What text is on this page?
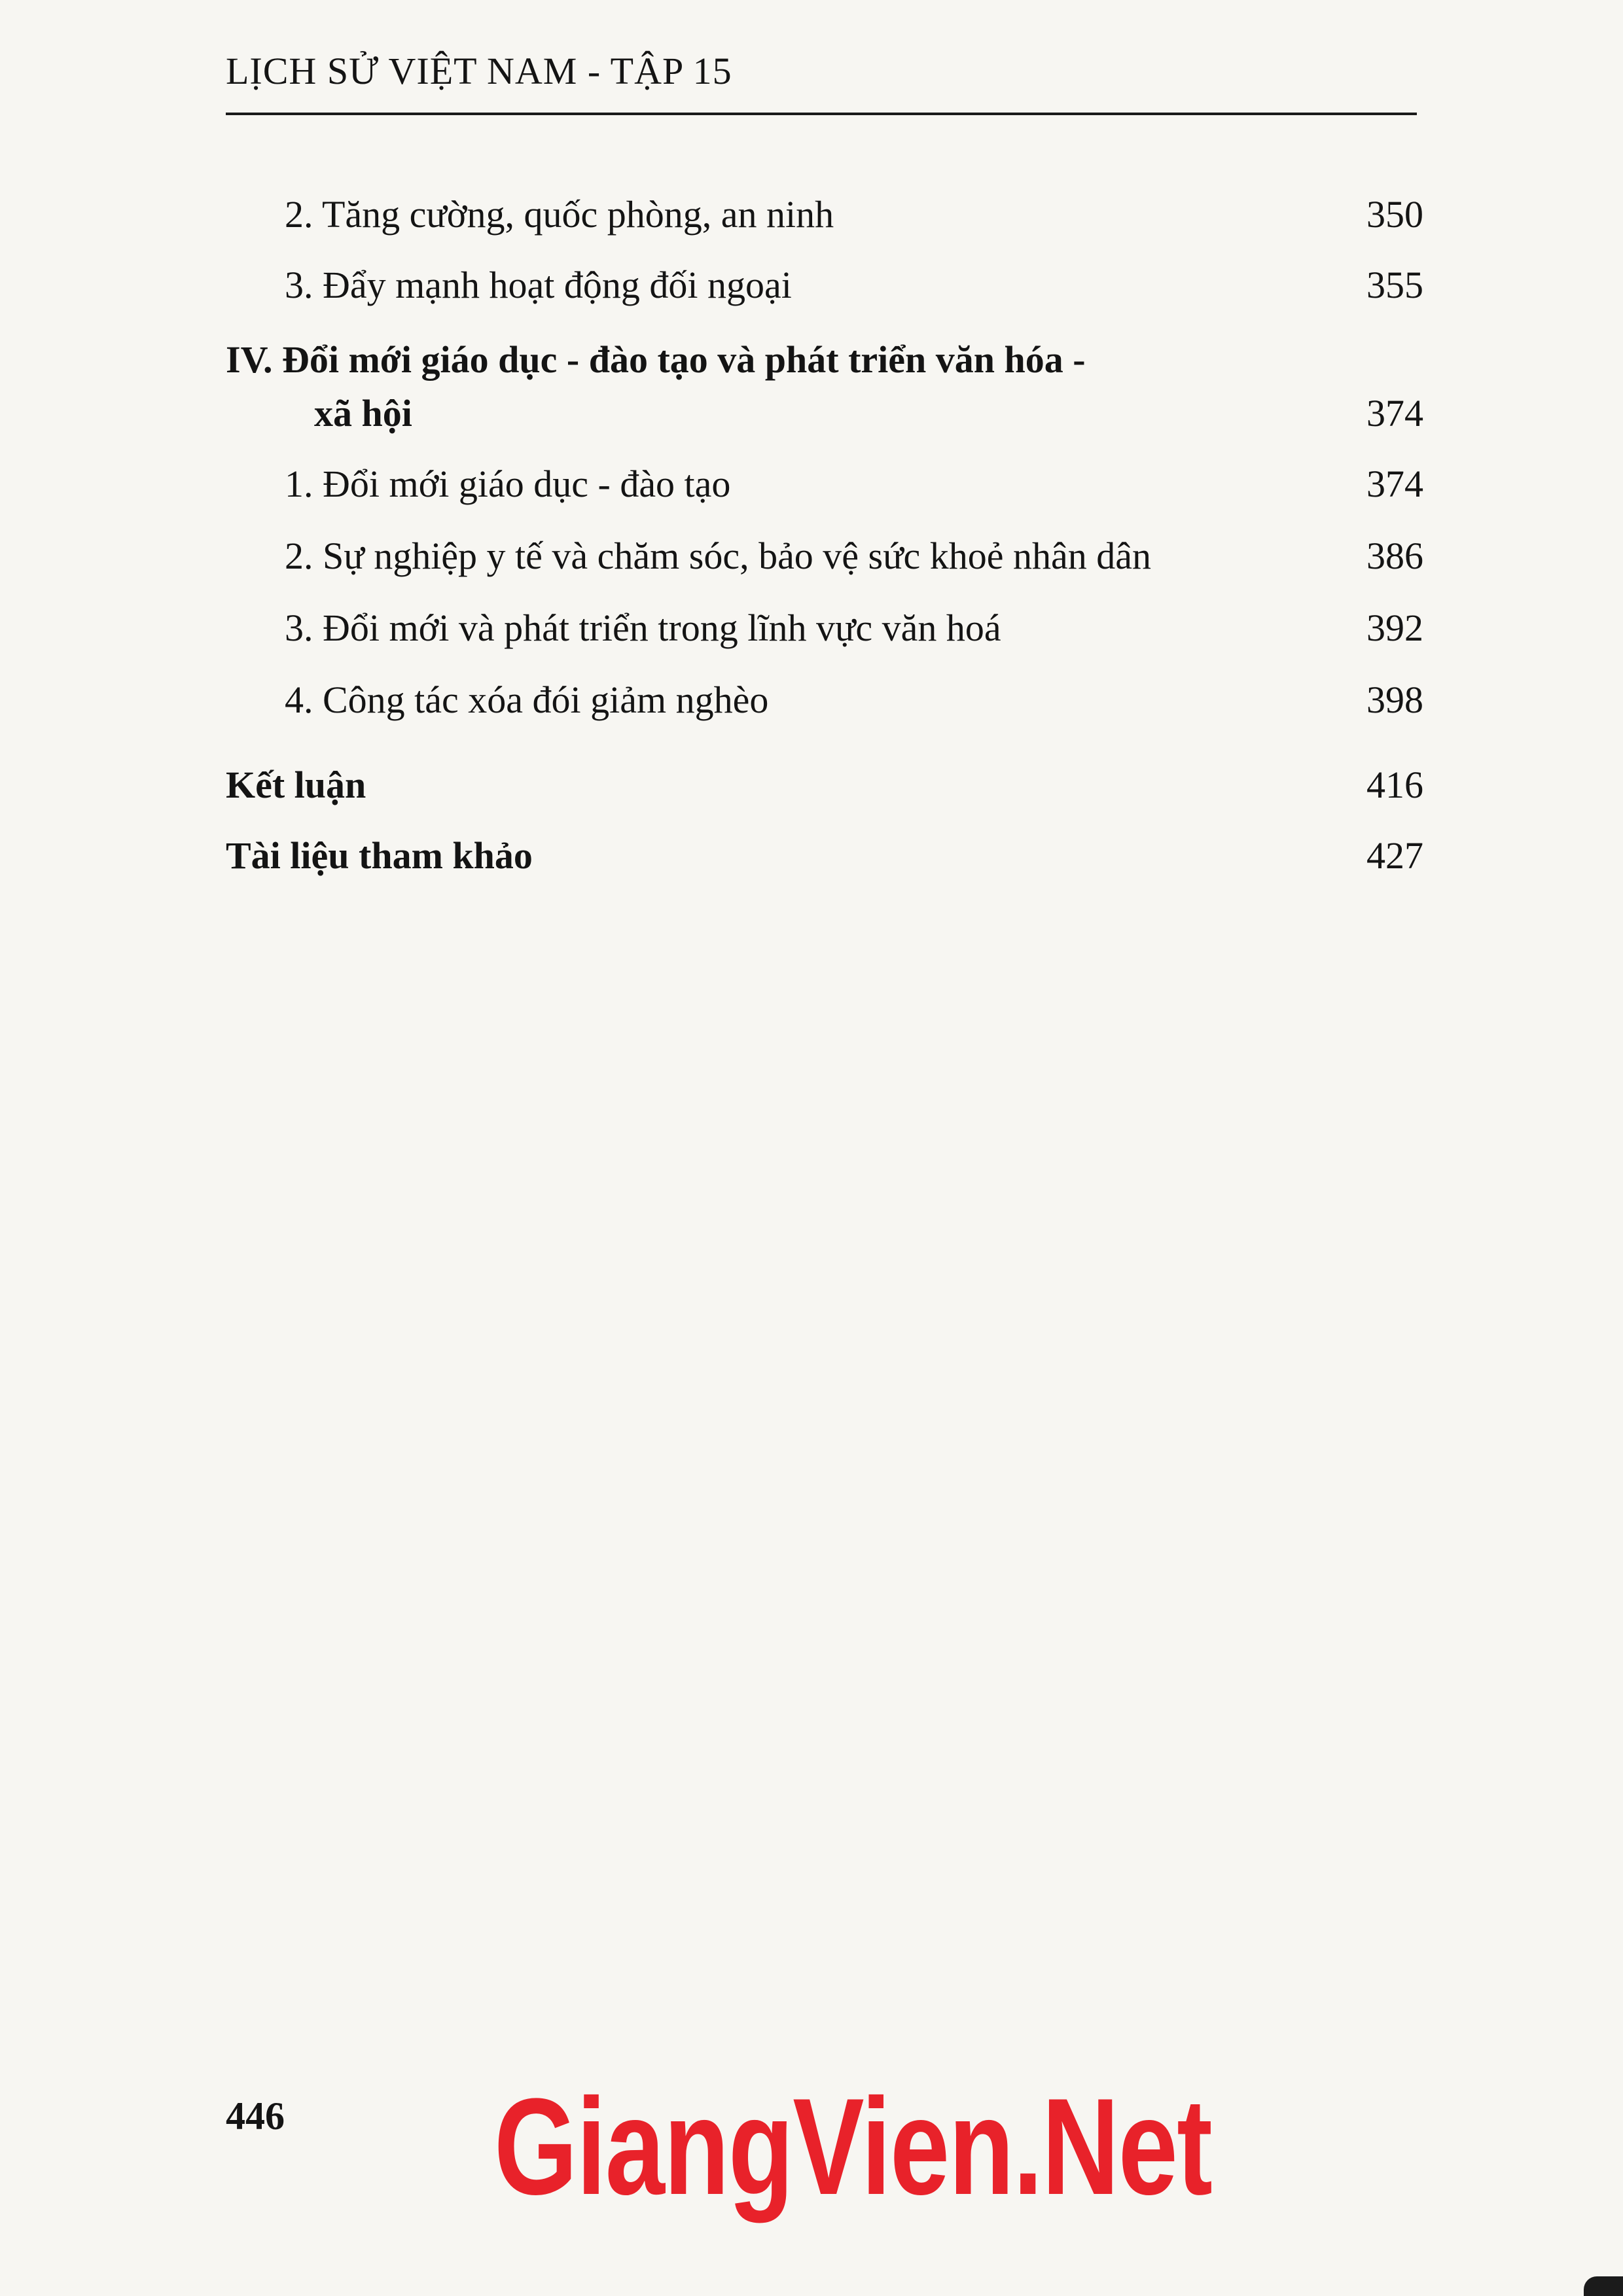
LỊCH SỬ VIỆT NAM - TẬP 15
2. Tăng cường, quốc phòng, an ninh	350
3. Đẩy mạnh hoạt động đối ngoại	355
IV. Đổi mới giáo dục - đào tạo và phát triển văn hóa -
xã hội	374
1. Đổi mới giáo dục - đào tạo	374
2. Sự nghiệp y tế và chăm sóc, bảo vệ sức khoẻ nhân dân	386
3. Đổi mới và phát triển trong lĩnh vực văn hoá	392
4. Công tác xóa đói giảm nghèo	398
Kết luận	416
Tài liệu tham khảo	427
446 GiangVien.Net
